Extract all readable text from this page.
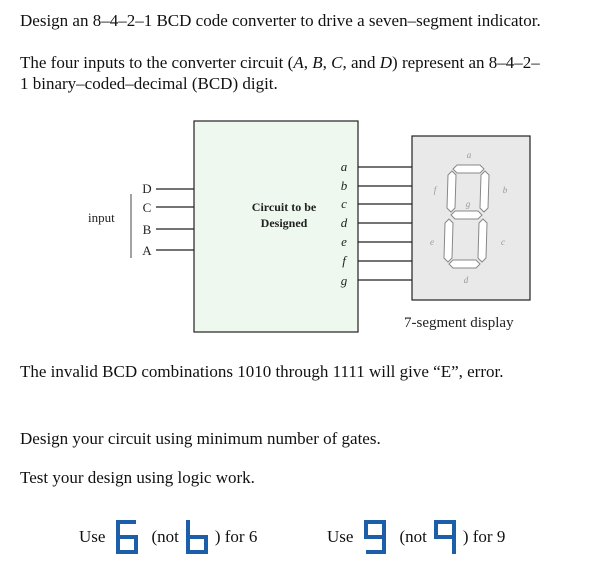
Design an 8–4–2–1 BCD code converter to drive a seven–segment indicator.
The four inputs to the converter circuit (A, B, C, and D) represent an 8–4–2–
1 binary–coded–decimal (BCD) digit.
Circuit to be
Designed
input
D
C
B
A
a
b
c
d
e
f
g
a
b
c
d
e
f
g
7-segment display
The invalid BCD combinations 1010 through 1111 will give “E”, error.
Design your circuit using minimum number of gates.
Test your design using logic work.
Use	(not ) for 6	Use	(not ) for 9
